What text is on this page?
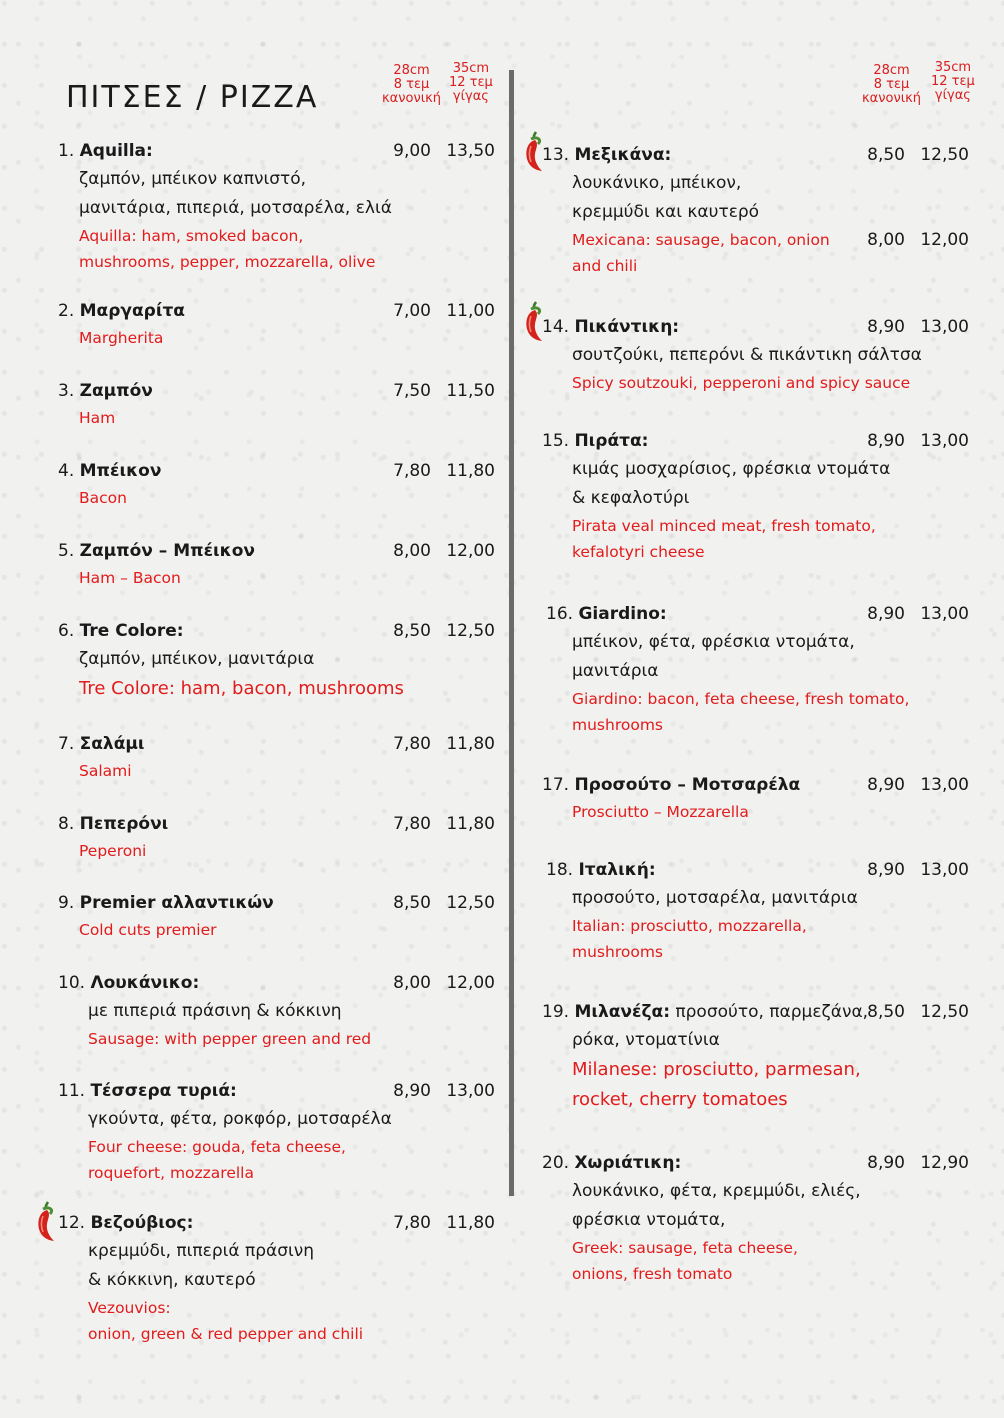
ΠΙΤΣΕΣ / PIZZA
28cm
8 τεμ
κανονική
35cm
12 τεμ
γίγας
28cm
8 τεμ
κανονική
35cm
12 τεμ
γίγας
1. Aquilla:
ζαμπόν, μπέικον καπνιστό,
μανιτάρια, πιπεριά, μοτσαρέλα, ελιά
Aquilla: ham, smoked bacon,
mushrooms, pepper, mozzarella, olive
9,00 13,50
2. Μαργαρίτα
Margherita
7,00 11,00
3. Ζαμπόν
Ham
7,50 11,50
4. Μπέικον
Bacon
7,80 11,80
5. Ζαμπόν – Μπέικον
Ham – Bacon
8,00 12,00
6. Tre Colore:
ζαμπόν, μπέικον, μανιτάρια
Tre Colore: ham, bacon, mushrooms
8,50 12,50
7. Σαλάμι
Salami
7,80 11,80
8. Πεπερόνι
Peperoni
7,80 11,80
9. Premier αλλαντικών
Cold cuts premier
8,50 12,50
10. Λουκάνικο:
με πιπεριά πράσινη & κόκκινη
Sausage: with pepper green and red
8,00 12,00
11. Τέσσερα τυριά:
γκούντα, φέτα, ροκφόρ, μοτσαρέλα
Four cheese: gouda, feta cheese,
roquefort, mozzarella
8,90 13,00
12. Βεζούβιος:
κρεμμύδι, πιπεριά πράσινη
& κόκκινη, καυτερό
Vezouvios:
onion, green & red pepper and chili
7,80 11,80
13. Μεξικάνα:
λουκάνικο, μπέικον,
κρεμμύδι και καυτερό
Mexicana: sausage, bacon, onion
and chili
8,50 12,50
8,00 12,00
14. Πικάντικη:
σουτζούκι, πεπερόνι & πικάντικη σάλτσα
Spicy soutzouki, pepperoni and spicy sauce
8,90 13,00
15. Πιράτα:
κιμάς μοσχαρίσιος, φρέσκια ντομάτα
& κεφαλοτύρι
Pirata veal minced meat, fresh tomato,
kefalotyri cheese
8,90 13,00
16. Giardino:
μπέικον, φέτα, φρέσκια ντομάτα,
μανιτάρια
Giardino: bacon, feta cheese, fresh tomato,
mushrooms
8,90 13,00
17. Προσούτο – Μοτσαρέλα
Prosciutto – Mozzarella
8,90 13,00
18. Ιταλική:
προσούτο, μοτσαρέλα, μανιτάρια
Italian: prosciutto, mozzarella,
mushrooms
8,90 13,00
19. Μιλανέζα: προσούτο, παρμεζάνα,
ρόκα, ντοματίνια
Milanese: prosciutto, parmesan,
rocket, cherry tomatoes
8,50 12,50
20. Χωριάτικη:
λουκάνικο, φέτα, κρεμμύδι, ελιές,
φρέσκια ντομάτα,
Greek: sausage, feta cheese,
onions, fresh tomato
8,90 12,90
